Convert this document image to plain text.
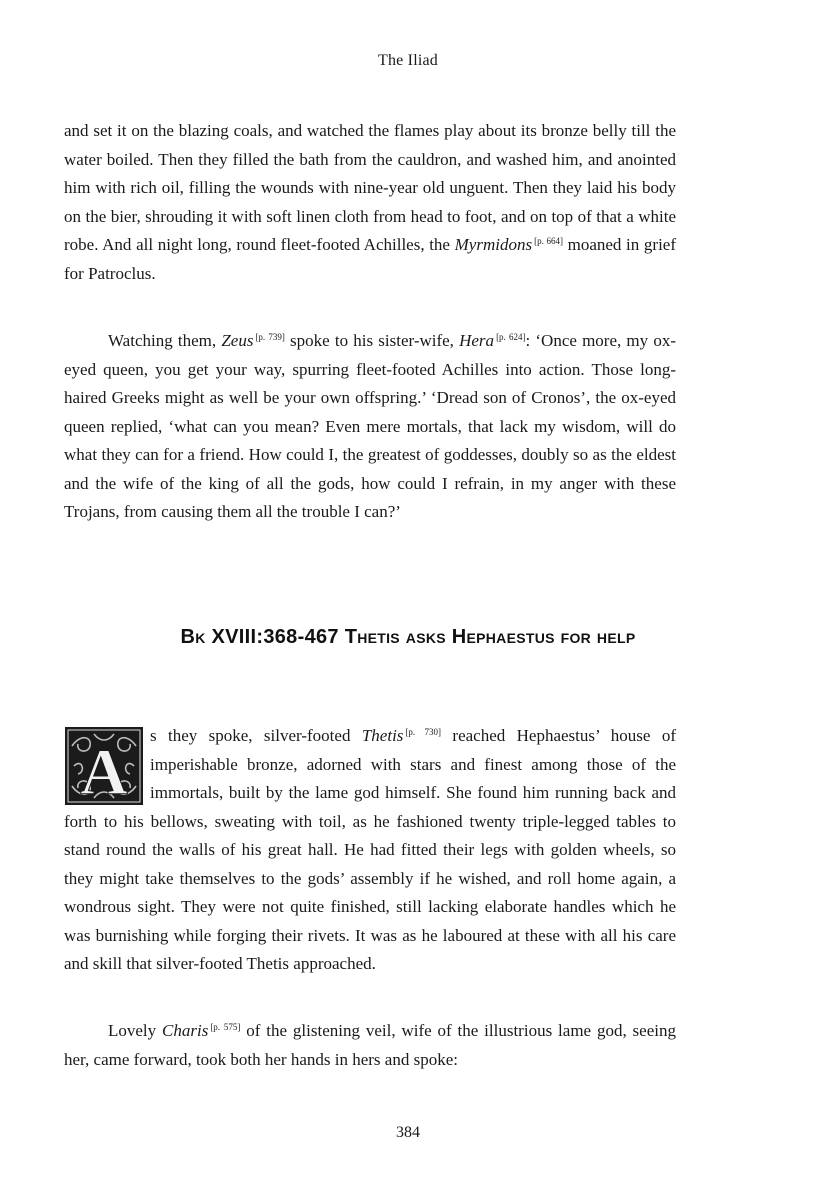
The Iliad

and set it on the blazing coals, and watched the flames play about its bronze belly till the water boiled. Then they filled the bath from the cauldron, and washed him, and anointed him with rich oil, filling the wounds with nine-year old unguent. Then they laid his body on the bier, shrouding it with soft linen cloth from head to foot, and on top of that a white robe. And all night long, round fleet-footed Achilles, the Myrmidons [p. 664] moaned in grief for Patroclus.

Watching them, Zeus [p. 739] spoke to his sister-wife, Hera [p. 624]: ‘Once more, my ox-eyed queen, you get your way, spurring fleet-footed Achilles into action. Those long-haired Greeks might as well be your own offspring.’ ‘Dread son of Cronos’, the ox-eyed queen replied, ‘what can you mean? Even mere mortals, that lack my wisdom, will do what they can for a friend. How could I, the greatest of goddesses, doubly so as the eldest and the wife of the king of all the gods, how could I refrain, in my anger with these Trojans, from causing them all the trouble I can?’

Bk XVIII:368-467 Thetis asks Hephaestus for help
A

s they spoke, silver-footed Thetis [p. 730] reached Hephaestus’ house of imperishable bronze, adorned with stars and finest among those of the immortals, built by the lame god himself. She found him running back and forth to his bellows, sweating with toil, as he fashioned twenty triple-legged tables to stand round the walls of his great hall. He had fitted their legs with golden wheels, so they might take themselves to the gods’ assembly if he wished, and roll home again, a wondrous sight. They were not quite finished, still lacking elaborate handles which he was burnishing while forging their rivets. It was as he laboured at these with all his care and skill that silver-footed Thetis approached.

Lovely Charis [p. 575] of the glistening veil, wife of the illustrious lame god, seeing her, came forward, took both her hands in hers and spoke:

384
